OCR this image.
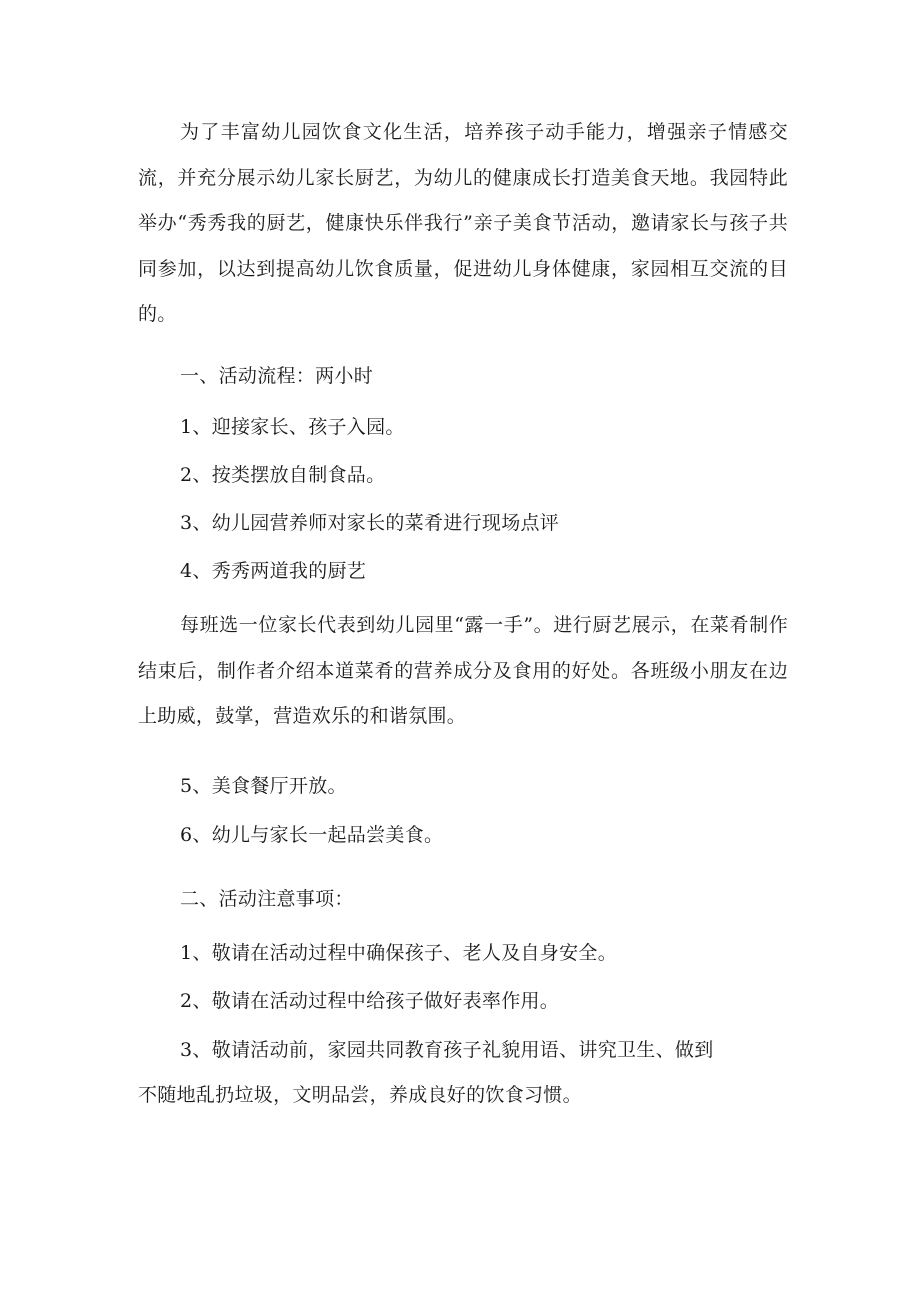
为了丰富幼儿园饮食文化生活，培养孩子动手能力，增强亲子情感交流，并充分展示幼儿家长厨艺，为幼儿的健康成长打造美食天地。我园特此举办“秀秀我的厨艺，健康快乐伴我行”亲子美食节活动，邀请家长与孩子共同参加，以达到提高幼儿饮食质量，促进幼儿身体健康，家园相互交流的目的。

一、活动流程：两小时

1、迎接家长、孩子入园。

2、按类摆放自制食品。

3、幼儿园营养师对家长的菜肴进行现场点评

4、秀秀两道我的厨艺

每班选一位家长代表到幼儿园里“露一手”。进行厨艺展示，在菜肴制作结束后，制作者介绍本道菜肴的营养成分及食用的好处。各班级小朋友在边上助威，鼓掌，营造欢乐的和谐氛围。

5、美食餐厅开放。

6、幼儿与家长一起品尝美食。

二、活动注意事项：

1、敬请在活动过程中确保孩子、老人及自身安全。

2、敬请在活动过程中给孩子做好表率作用。

3、敬请活动前，家园共同教育孩子礼貌用语、讲究卫生、做到

不随地乱扔垃圾，文明品尝，养成良好的饮食习惯。
